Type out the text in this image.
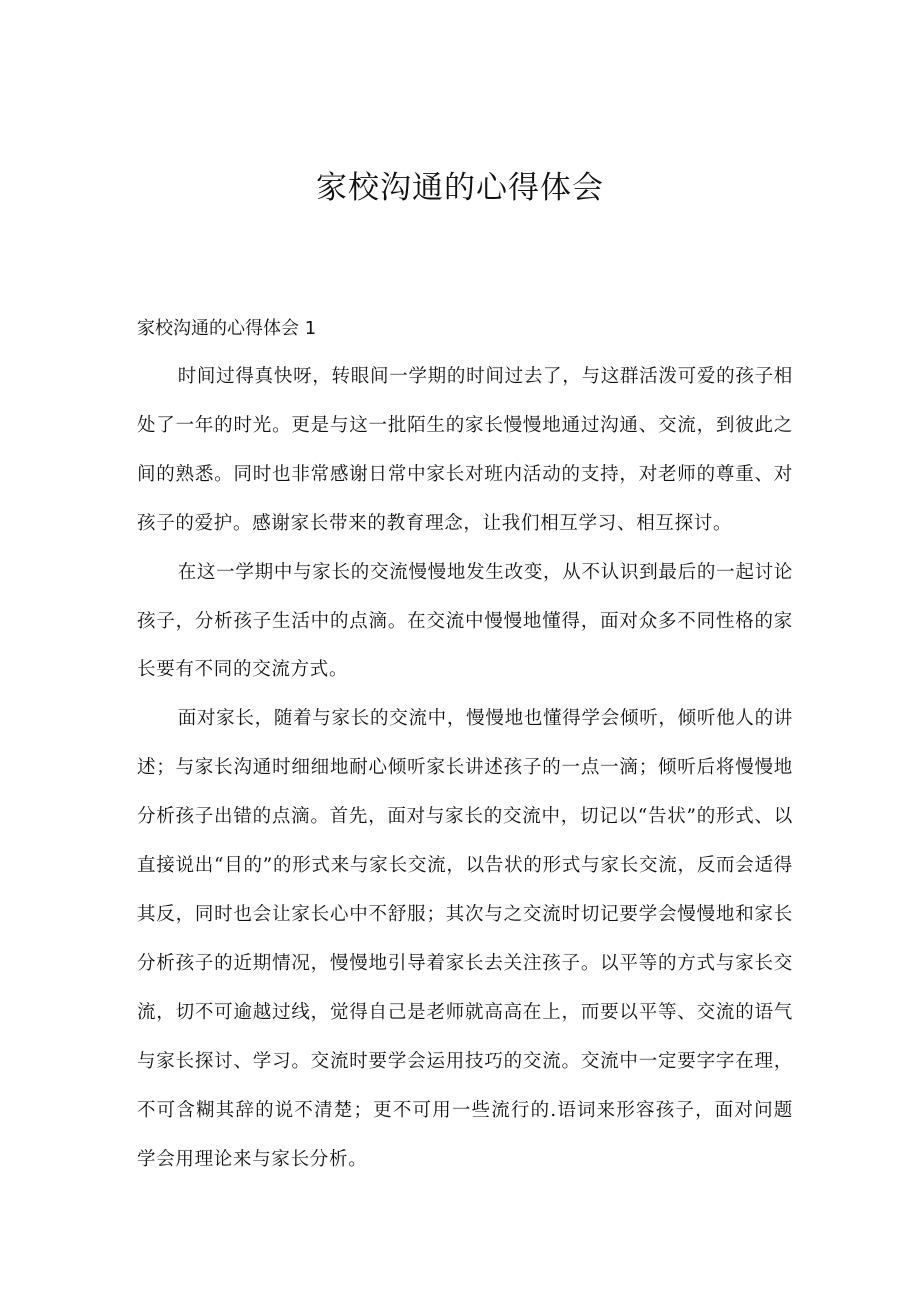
家校沟通的心得体会
家校沟通的心得体会 1

时间过得真快呀，转眼间一学期的时间过去了，与这群活泼可爱的孩子相处了一年的时光。更是与这一批陌生的家长慢慢地通过沟通、交流，到彼此之间的熟悉。同时也非常感谢日常中家长对班内活动的支持，对老师的尊重、对孩子的爱护。感谢家长带来的教育理念，让我们相互学习、相互探讨。

在这一学期中与家长的交流慢慢地发生改变，从不认识到最后的一起讨论孩子，分析孩子生活中的点滴。在交流中慢慢地懂得，面对众多不同性格的家长要有不同的交流方式。

面对家长，随着与家长的交流中，慢慢地也懂得学会倾听，倾听他人的讲述；与家长沟通时细细地耐心倾听家长讲述孩子的一点一滴；倾听后将慢慢地分析孩子出错的点滴。首先，面对与家长的交流中，切记以“告状”的形式、以直接说出“目的”的形式来与家长交流，以告状的形式与家长交流，反而会适得其反，同时也会让家长心中不舒服；其次与之交流时切记要学会慢慢地和家长分析孩子的近期情况，慢慢地引导着家长去关注孩子。以平等的方式与家长交流，切不可逾越过线，觉得自己是老师就高高在上，而要以平等、交流的语气与家长探讨、学习。交流时要学会运用技巧的交流。交流中一定要字字在理，不可含糊其辞的说不清楚；更不可用一些流行的.语词来形容孩子，面对问题学会用理论来与家长分析。
